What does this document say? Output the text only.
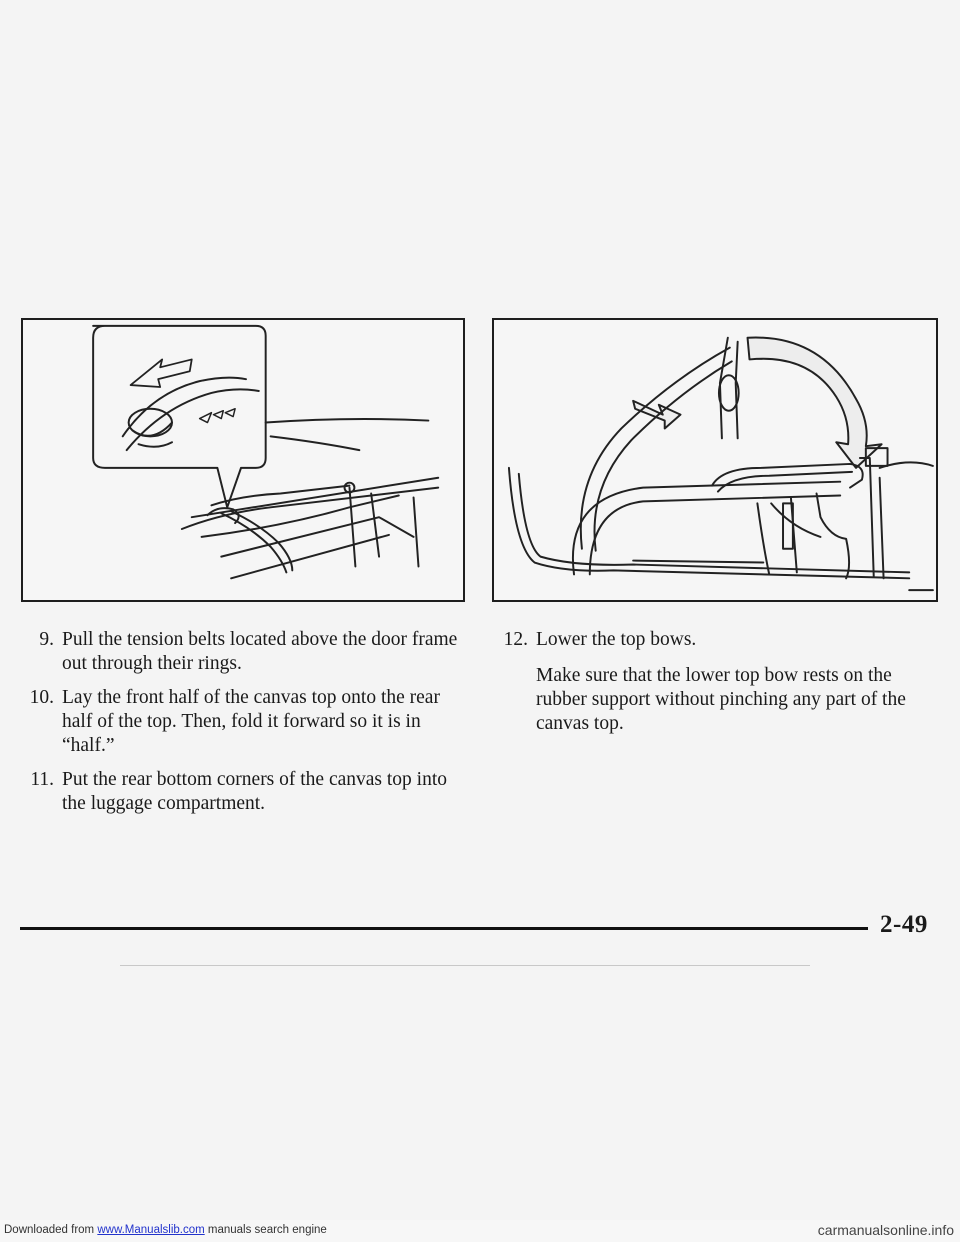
9. Pull the tension belts located above the door frame out through their rings.
10. Lay the front half of the canvas top onto the rear half of the top. Then, fold it forward so it is in “half.”
11. Put the rear bottom corners of the canvas top into the luggage compartment.
12. Lower the top bows.
Make sure that the lower top bow rests on the rubber support without pinching any part of the canvas top.
2-49
Downloaded from www.Manualslib.com manuals search engine	carmanualsonline.info
